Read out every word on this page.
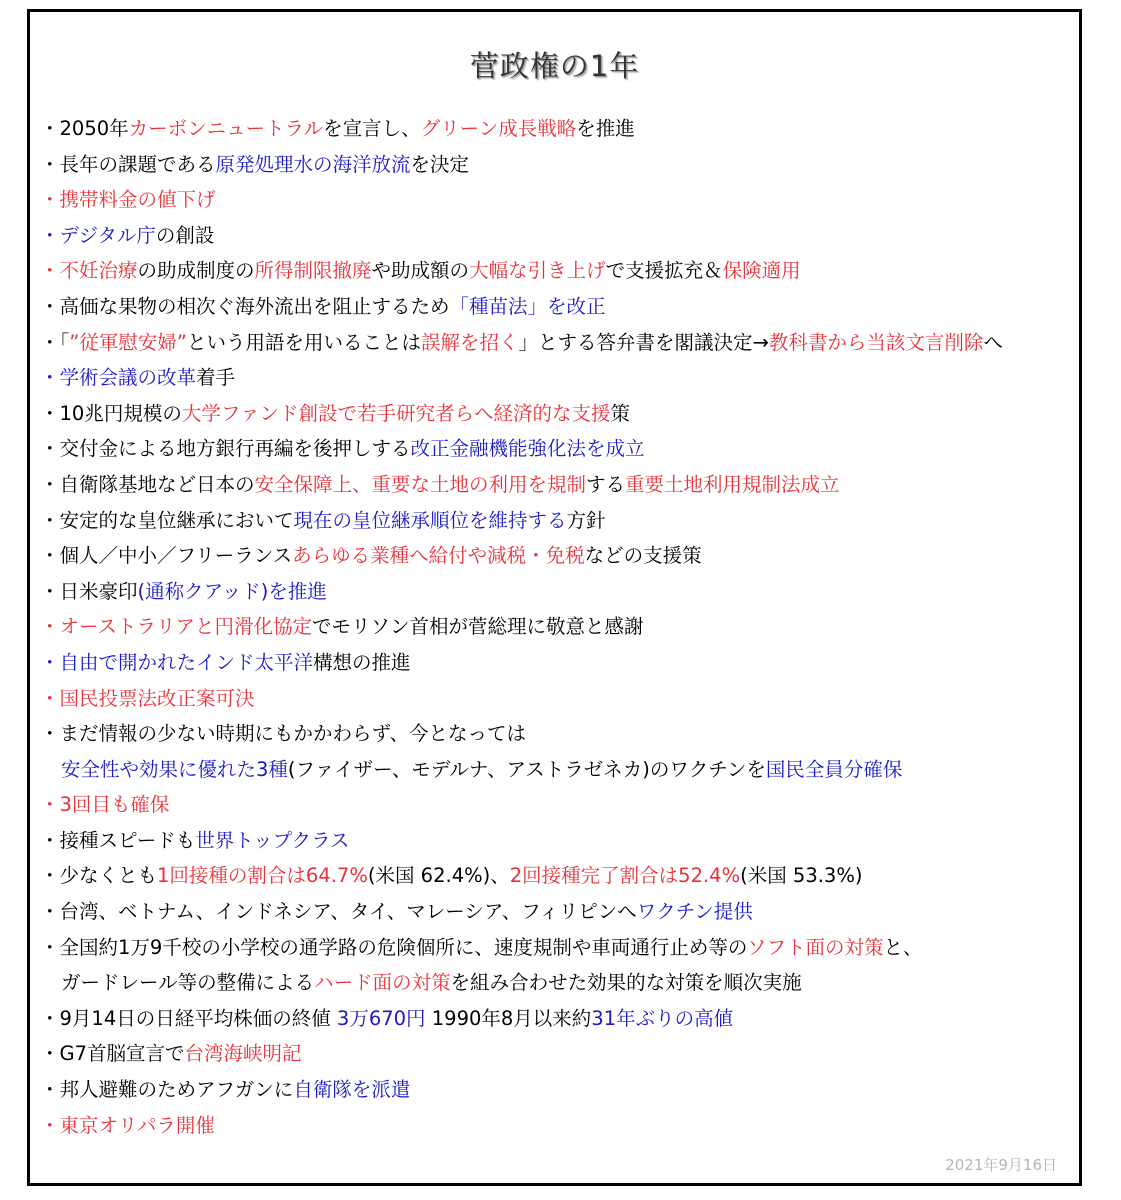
菅政権の1年
・2050年カーボンニュートラルを宣言し、グリーン成長戦略を推進
・長年の課題である原発処理水の海洋放流を決定
・携帯料金の値下げ
・デジタル庁の創設
・不妊治療の助成制度の所得制限撤廃や助成額の大幅な引き上げで支援拡充＆保険適用
・高価な果物の相次ぐ海外流出を阻止するため「種苗法」を改正
・「”従軍慰安婦”という用語を用いることは誤解を招く」とする答弁書を閣議決定→教科書から当該文言削除へ
・学術会議の改革着手
・10兆円規模の大学ファンド創設で若手研究者らへ経済的な支援策
・交付金による地方銀行再編を後押しする改正金融機能強化法を成立
・自衛隊基地など日本の安全保障上、重要な土地の利用を規制する重要土地利用規制法成立
・安定的な皇位継承において現在の皇位継承順位を維持する方針
・個人／中小／フリーランスあらゆる業種へ給付や減税・免税などの支援策
・日米豪印(通称クアッド)を推進
・オーストラリアと円滑化協定でモリソン首相が菅総理に敬意と感謝
・自由で開かれたインド太平洋構想の推進
・国民投票法改正案可決
・まだ情報の少ない時期にもかかわらず、今となっては
安全性や効果に優れた3種(ファイザー、モデルナ、アストラゼネカ)のワクチンを国民全員分確保
・3回目も確保
・接種スピードも世界トップクラス
・少なくとも1回接種の割合は64.7%(米国 62.4%)、2回接種完了割合は52.4%(米国 53.3%)
・台湾、ベトナム、インドネシア、タイ、マレーシア、フィリピンへワクチン提供
・全国約1万9千校の小学校の通学路の危険個所に、速度規制や車両通行止め等のソフト面の対策と、
ガードレール等の整備によるハード面の対策を組み合わせた効果的な対策を順次実施
・9月14日の日経平均株価の終値 3万670円 1990年8月以来約31年ぶりの高値
・G7首脳宣言で台湾海峡明記
・邦人避難のためアフガンに自衛隊を派遣
・東京オリパラ開催
2021年9月16日
